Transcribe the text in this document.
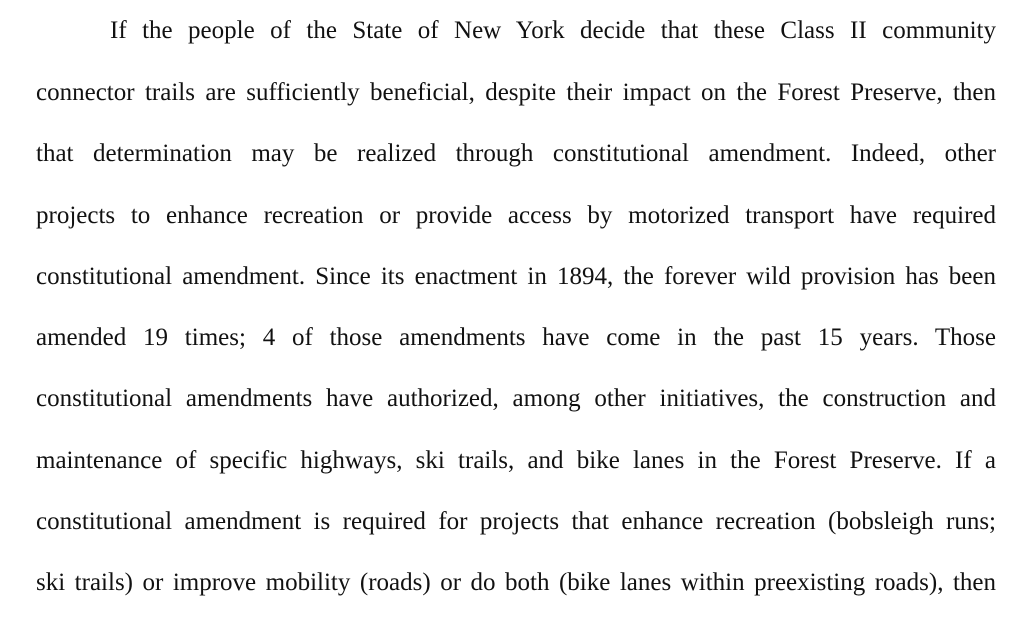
If the people of the State of New York decide that these Class II community
connector trails are sufficiently beneficial, despite their impact on the Forest Preserve, then
that determination may be realized through constitutional amendment. Indeed, other
projects to enhance recreation or provide access by motorized transport have required
constitutional amendment. Since its enactment in 1894, the forever wild provision has been
amended 19 times; 4 of those amendments have come in the past 15 years. Those
constitutional amendments have authorized, among other initiatives, the construction and
maintenance of specific highways, ski trails, and bike lanes in the Forest Preserve. If a
constitutional amendment is required for projects that enhance recreation (bobsleigh runs;
ski trails) or improve mobility (roads) or do both (bike lanes within preexisting roads), then
